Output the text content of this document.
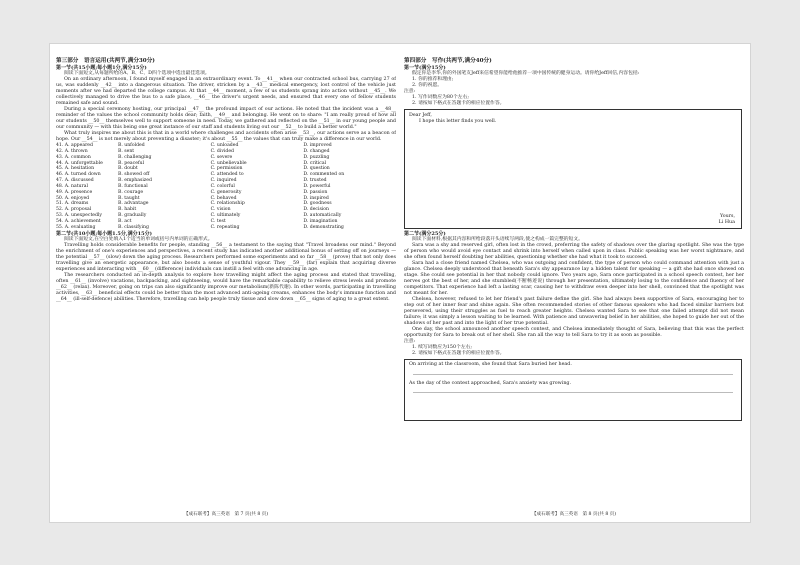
第三部分　语言运用(共两节,满分30分)
第一节(共15小题;每小题1分,满分15分)

阅读下面短文,从每题所给的A、B、C、D四个选项中选出最佳选项。

On an ordinary afternoon, I found myself engaged in an extraordinary event. To __41__ when our contracted school bus, carrying 27 of us, was suddenly __42__ into a dangerous situation. The driver, stricken by a __43__ medical emergency, lost control of the vehicle just moments after we had departed the college campus. At that __44__ moment, a few of us students sprang into action without __45__. We collectively managed to drive the bus to a safe place, __46__ the driver's urgent needs, and ensured that every one of fellow students remained safe and sound.

During a special ceremony hosting, our principal __47__ the profound impact of our actions. He noted that the incident was a __48__ reminder of the values the school community holds dear; faith, __49__ and belonging. He went on to share: "I am really proud of how all our students __50__ themselves well to support someone in need. Today, we gathered and reflected on the __51__ in our young people and our community — with this being one great instance of our staff and students living out our __52__ to build a better world."

What truly inspires me about this is that in a world where challenges and accidents often arise __53__, our actions serve as a beacon of hope. Our __54__ is not merely about preventing a disaster; it's about __55__ the values that can truly make a difference in our world.

41. A. appeared	B. unfolded	C. unloaded	D. improved
42. A. thrown	B. sent	C. divided	D. changed
43. A. common	B. challenging	C. severe	D. puzzling
44. A. unforgettable	B. peaceful	C. unbelievable	D. critical
45. A. hesitation	B. doubt	C. permission	D. question
46. A. turned down	B. showed off	C. attended to	D. commented on
47. A. discussed	B. emphasized	C. inquired	D. trusted
48. A. natural	B. functional	C. colorful	D. powerful
49. A. presence	B. courage	C. generosity	D. passion
50. A. enjoyed	B. taught	C. behaved	D. inspired
51. A. dreams	B. advantage	C. relationship	D. goodness
52. A. proposal	B. habit	C. vision	D. decision
53. A. unexpectedly	B. gradually	C. ultimately	D. automatically
54. A. achievement	B. act	C. test	D. imagination
55. A. evaluating	B. classifying	C. repeating	D. demonstrating
第二节(共10小题;每小题1.5分,满分15分)

阅读下面短文,在空白处填入1个适当的单词或括号内单词的正确形式。

Travelling holds considerable benefits for people, standing __56__ a testament to the saying that "Travel broadens our mind." Beyond the enrichment of one's experiences and perspectives, a recent study has indicated another additional bonus of setting off on journeys — the potential __57__ (slow) down the aging process. Researchers performed some experiments and so far __58__ (prove) that not only does travelling give an energetic appearance, but also boosts a sense of youthful vigour. They __59__ (far) explain that acquiring diverse experiences and interacting with __60__ (difference) individuals can instill a feel with one advancing in age.

The researchers conducted an in-depth analysis to explore how travelling might affect the aging process and stated that travelling, often __61__ (involve) vacations, backpacking, and sightseeing, would have the remarkable capability to relieve stress levels and promote __62__ (relax). Moreover, going on trips can also significantly improve our metabolism(新陈代谢). In other words, participating in travelling activities, __63__ beneficial effects could be better than the most advanced anti-ageing creams, enhances the body's immune function and __64__ (ill-self-defence) abilities. Therefore, travelling can help people truly tissue and slow down __65__ signs of aging to a great extent.

【成石联考】高三英语　第 7 页(共 8 页)
第四部分　写作(共两节,满分40分)
第一节(满分15分)

假定你是李华,你的外国笔友Jeff来信希望你能给他推荐一项中国传统的健身运动。请你给Jeff回信,内容包括:

1. 你的推荐和理由;

2. 你的祝愿。

注意:

1. 写作词数应为80个左右;

2. 请按如下格式在答题卡的相应位置作答。

Dear Jeff,
I hope this letter finds you well.
Yours,
Li Hua
第二节(满分25分)

阅读下面材料,根据其内容和所给段落开头语续写两段,使之构成一篇完整的短文。

Sara was a shy and reserved girl, often lost in the crowd, preferring the safety of shadows over the glaring spotlight. She was the type of person who would avoid eye contact and shrink into herself when called upon in class. Public speaking was her worst nightmare, and she often found herself doubting her abilities, questioning whether she had what it took to succeed.

Sara had a close friend named Chelsea, who was outgoing and confident, the type of person who could command attention with just a glance. Chelsea deeply understood that beneath Sara's shy appearance lay a hidden talent for speaking — a gift she had once showed on stage. She could see potential in her that nobody could ignore. Two years ago, Sara once participated in a school speech contest, her her nerves got the best of her, and she stumbled(不断畅迹说) through her presentation, ultimately losing to the confidence and fluency of her competitors. That experience had left a lasting scar, causing her to withdraw even deeper into her shell, convinced that the spotlight was not meant for her.

Chelsea, however, refused to let her friend's past failure define the girl. She had always been supportive of Sara, encouraging her to step out of her inner fear and shine again. She often recommended stories of other famous speakers who had faced similar barriers but persevered, using their struggles as fuel to reach greater heights. Chelsea wanted Sara to see that one failed attempt did not mean failure; it was simply a lesson waiting to be learned. With patience and unwavering belief in her abilities, she hoped to guide her out of the shadows of her past and into the light of her true potential.

One day, the school announced another speech contest, and Chelsea immediately thought of Sara, believing that this was the perfect opportunity for Sara to break out of her shell. She ran all the way to tell Sara to try it as soon as possible.

注意:

1. 续写词数应为150个左右;

2. 请按如下格式在答题卡的相应位置作答。

On arriving at the classroom, she found that Sara buried her head.
As the day of the contest approached, Sara's anxiety was growing.
【成石联考】高三英语　第 8 页(共 8 页)
